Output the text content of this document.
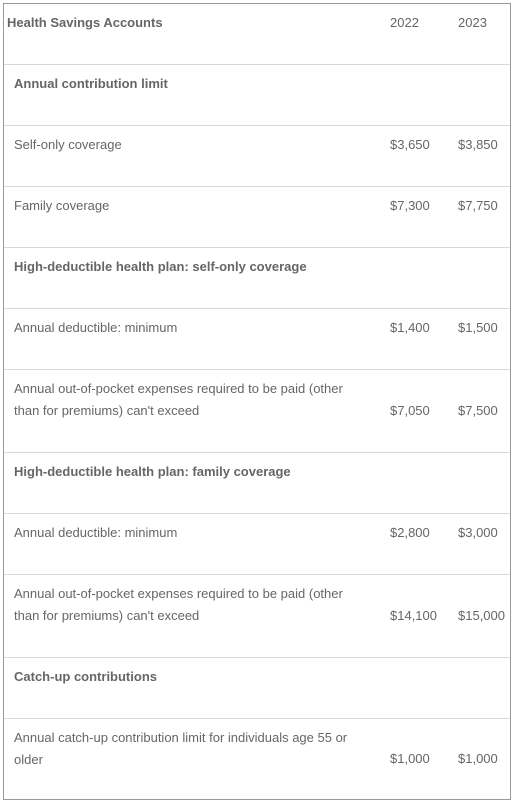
Health Savings Accounts	2022	2023
Annual contribution limit
Self-only coverage	$3,650 $3,850
Family coverage	$7,300 $7,750
High-deductible health plan: self-only coverage
Annual deductible: minimum	$1,400 $1,500
Annual out-of-pocket expenses required to be paid (other than for premiums) can't exceed	$7,050 $7,500
High-deductible health plan: family coverage
Annual deductible: minimum	$2,800 $3,000
Annual out-of-pocket expenses required to be paid (other than for premiums) can't exceed	$14,100 $15,000
Catch-up contributions
Annual catch-up contribution limit for individuals age 55 or older	$1,000 $1,000
